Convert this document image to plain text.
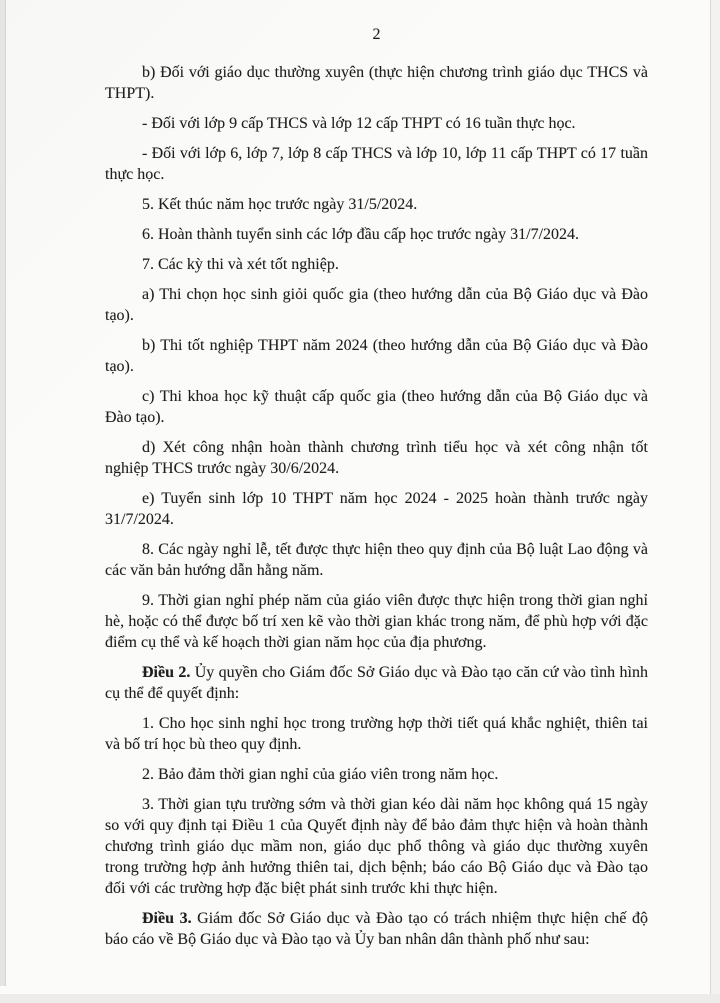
2

b) Đối với giáo dục thường xuyên (thực hiện chương trình giáo dục THCS và THPT).

- Đối với lớp 9 cấp THCS và lớp 12 cấp THPT có 16 tuần thực học.

- Đối với lớp 6, lớp 7, lớp 8 cấp THCS và lớp 10, lớp 11 cấp THPT có 17 tuần thực học.

5. Kết thúc năm học trước ngày 31/5/2024.

6. Hoàn thành tuyển sinh các lớp đầu cấp học trước ngày 31/7/2024.

7. Các kỳ thi và xét tốt nghiệp.

a) Thi chọn học sinh giỏi quốc gia (theo hướng dẫn của Bộ Giáo dục và Đào tạo).

b) Thi tốt nghiệp THPT năm 2024 (theo hướng dẫn của Bộ Giáo dục và Đào tạo).

c) Thi khoa học kỹ thuật cấp quốc gia (theo hướng dẫn của Bộ Giáo dục và Đào tạo).

d) Xét công nhận hoàn thành chương trình tiểu học và xét công nhận tốt nghiệp THCS trước ngày 30/6/2024.

e) Tuyển sinh lớp 10 THPT năm học 2024 - 2025 hoàn thành trước ngày 31/7/2024.

8. Các ngày nghỉ lễ, tết được thực hiện theo quy định của Bộ luật Lao động và các văn bản hướng dẫn hằng năm.

9. Thời gian nghỉ phép năm của giáo viên được thực hiện trong thời gian nghỉ hè, hoặc có thể được bố trí xen kẽ vào thời gian khác trong năm, để phù hợp với đặc điểm cụ thể và kế hoạch thời gian năm học của địa phương.

Điều 2. Ủy quyền cho Giám đốc Sở Giáo dục và Đào tạo căn cứ vào tình hình cụ thể để quyết định:

1. Cho học sinh nghỉ học trong trường hợp thời tiết quá khắc nghiệt, thiên tai và bố trí học bù theo quy định.

2. Bảo đảm thời gian nghỉ của giáo viên trong năm học.

3. Thời gian tựu trường sớm và thời gian kéo dài năm học không quá 15 ngày so với quy định tại Điều 1 của Quyết định này để bảo đảm thực hiện và hoàn thành chương trình giáo dục mầm non, giáo dục phổ thông và giáo dục thường xuyên trong trường hợp ảnh hưởng thiên tai, dịch bệnh; báo cáo Bộ Giáo dục và Đào tạo đối với các trường hợp đặc biệt phát sinh trước khi thực hiện.

Điều 3. Giám đốc Sở Giáo dục và Đào tạo có trách nhiệm thực hiện chế độ báo cáo về Bộ Giáo dục và Đào tạo và Ủy ban nhân dân thành phố như sau:
